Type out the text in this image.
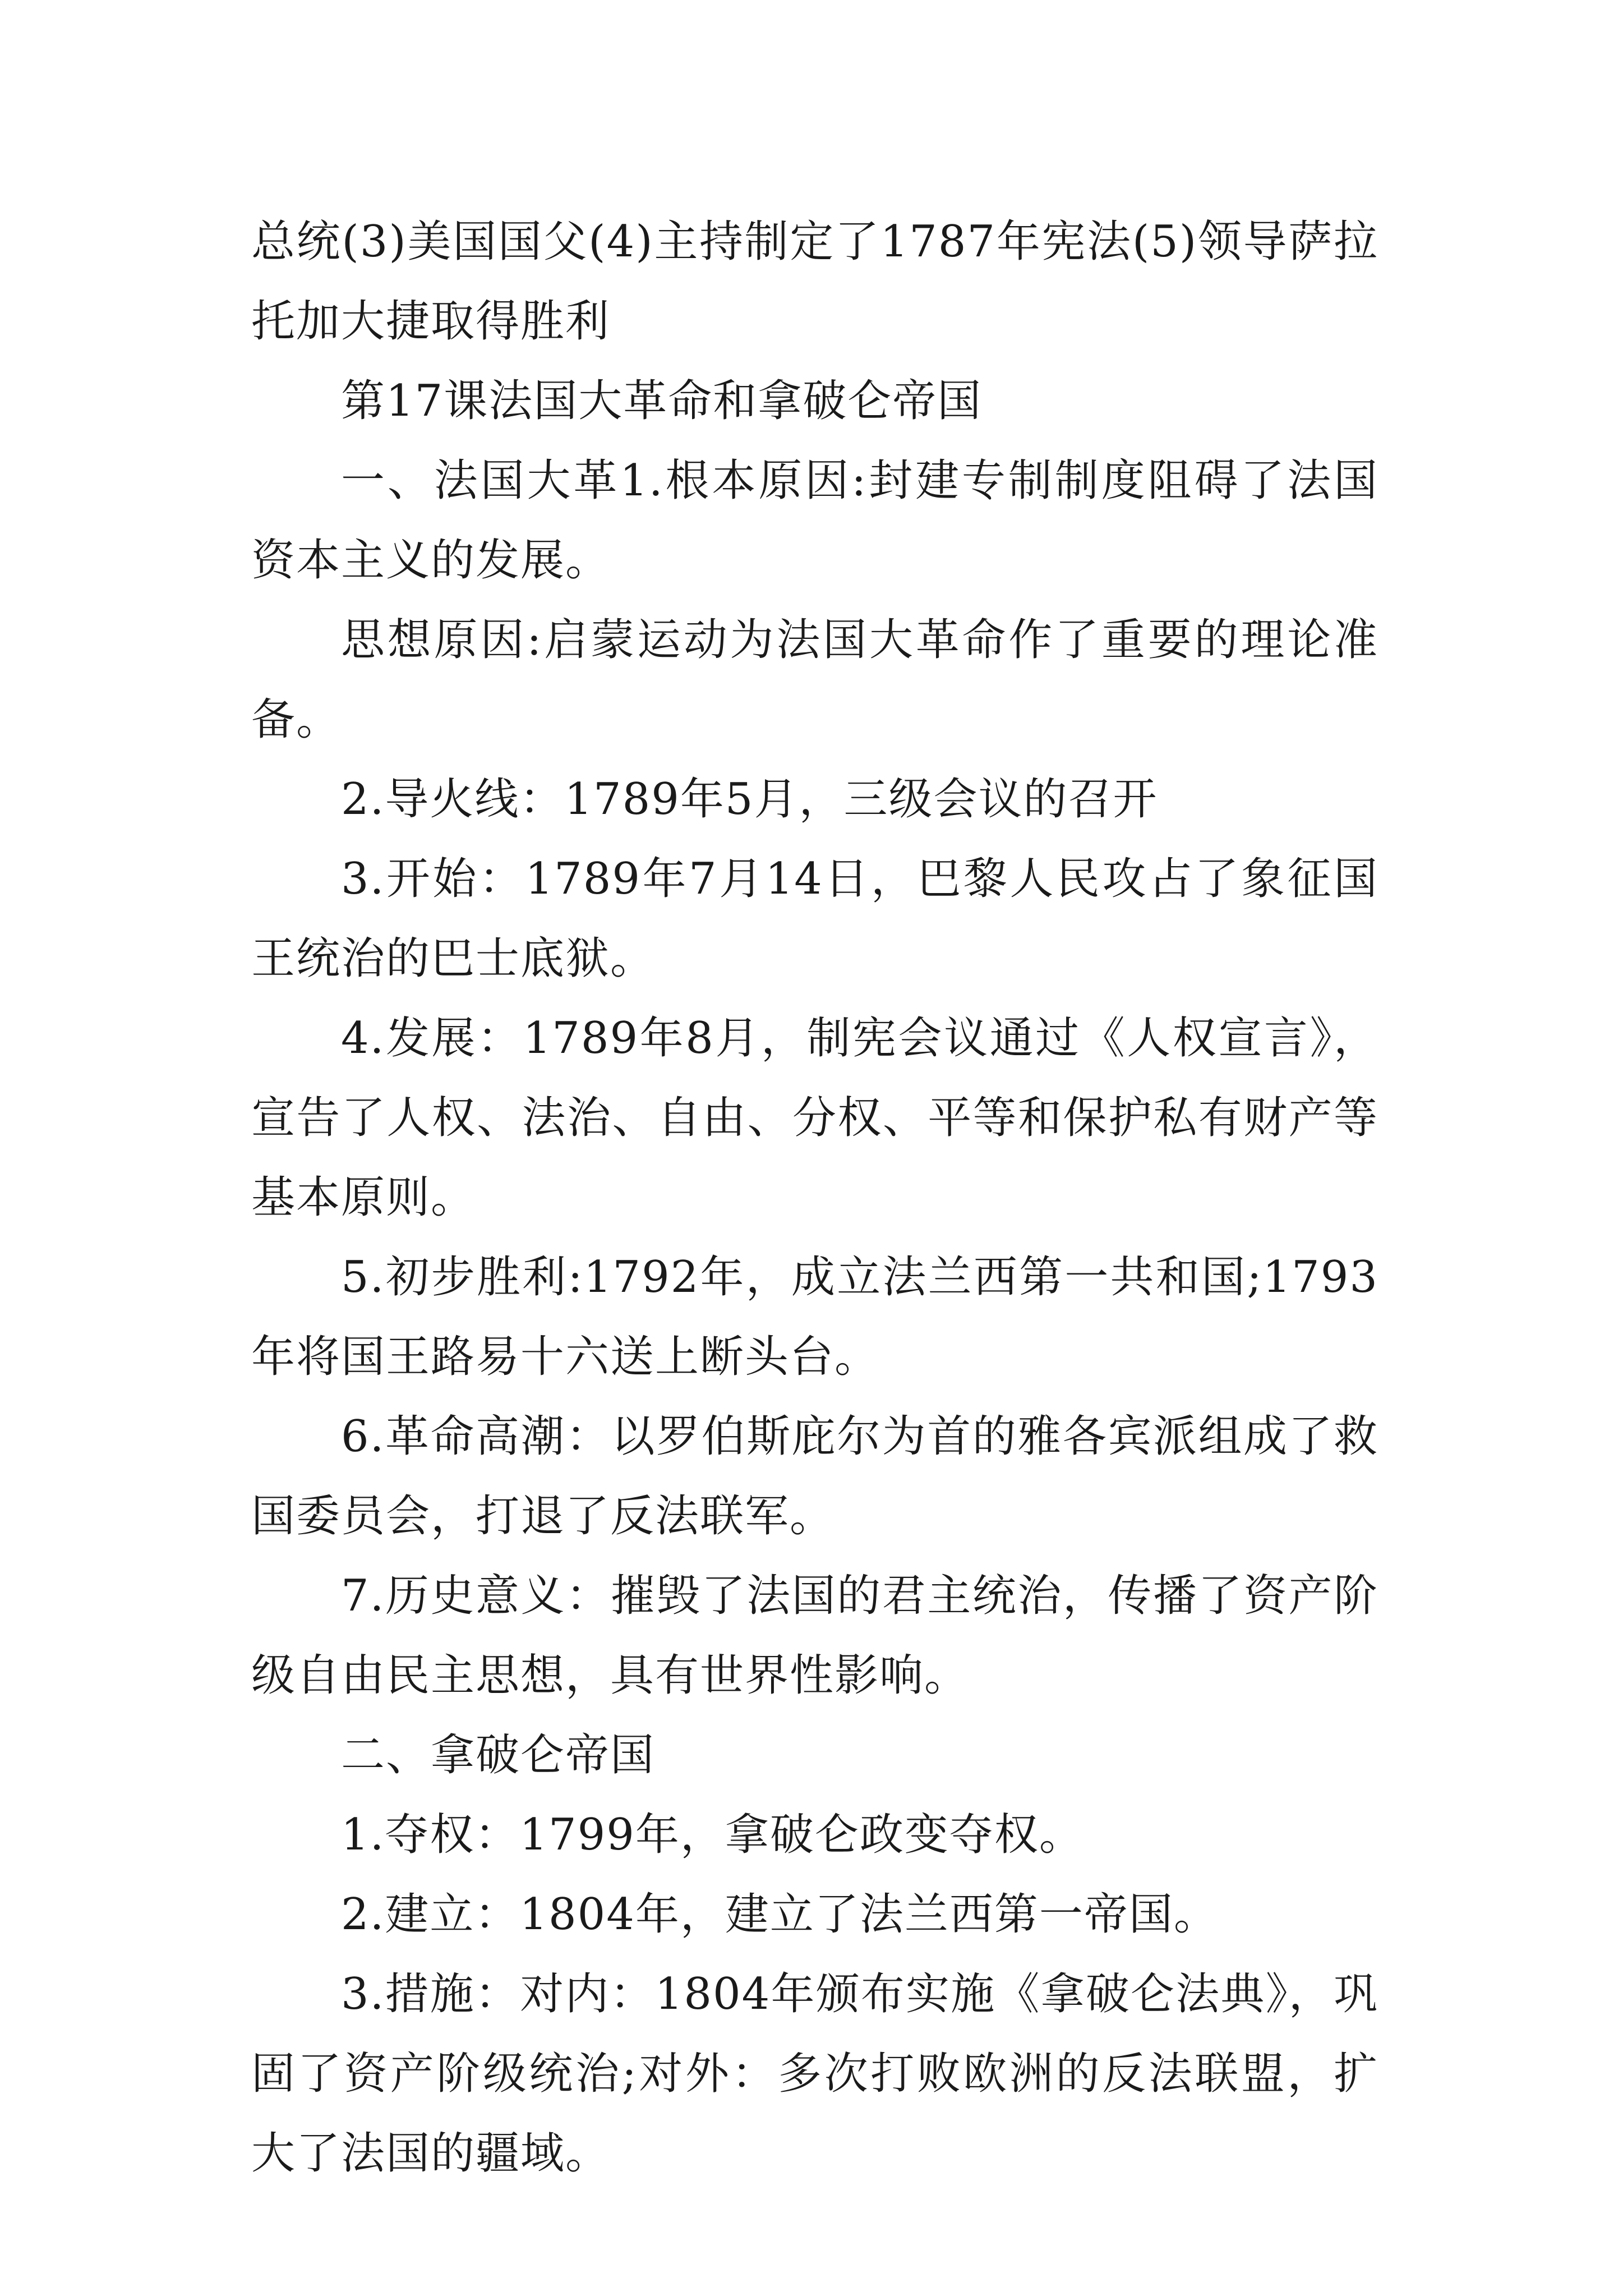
总统(3)美国国父(4)主持制定了1787年宪法(5)领导萨拉托加大捷取得胜利

第17课法国大革命和拿破仑帝国

一、法国大革1.根本原因:封建专制制度阻碍了法国资本主义的发展。

思想原因:启蒙运动为法国大革命作了重要的理论准备。

2.导火线：1789年5月，三级会议的召开

3.开始：1789年7月14日，巴黎人民攻占了象征国王统治的巴士底狱。

4.发展：1789年8月，制宪会议通过《人权宣言》，宣告了人权、法治、自由、分权、平等和保护私有财产等基本原则。

5.初步胜利:1792年，成立法兰西第一共和国;1793年将国王路易十六送上断头台。

6.革命高潮：以罗伯斯庇尔为首的雅各宾派组成了救国委员会，打退了反法联军。

7.历史意义：摧毁了法国的君主统治，传播了资产阶级自由民主思想，具有世界性影响。

二、拿破仑帝国

1.夺权：1799年，拿破仑政变夺权。

2.建立：1804年，建立了法兰西第一帝国。

3.措施：对内：1804年颁布实施《拿破仑法典》，巩固了资产阶级统治;对外：多次打败欧洲的反法联盟，扩大了法国的疆域。
